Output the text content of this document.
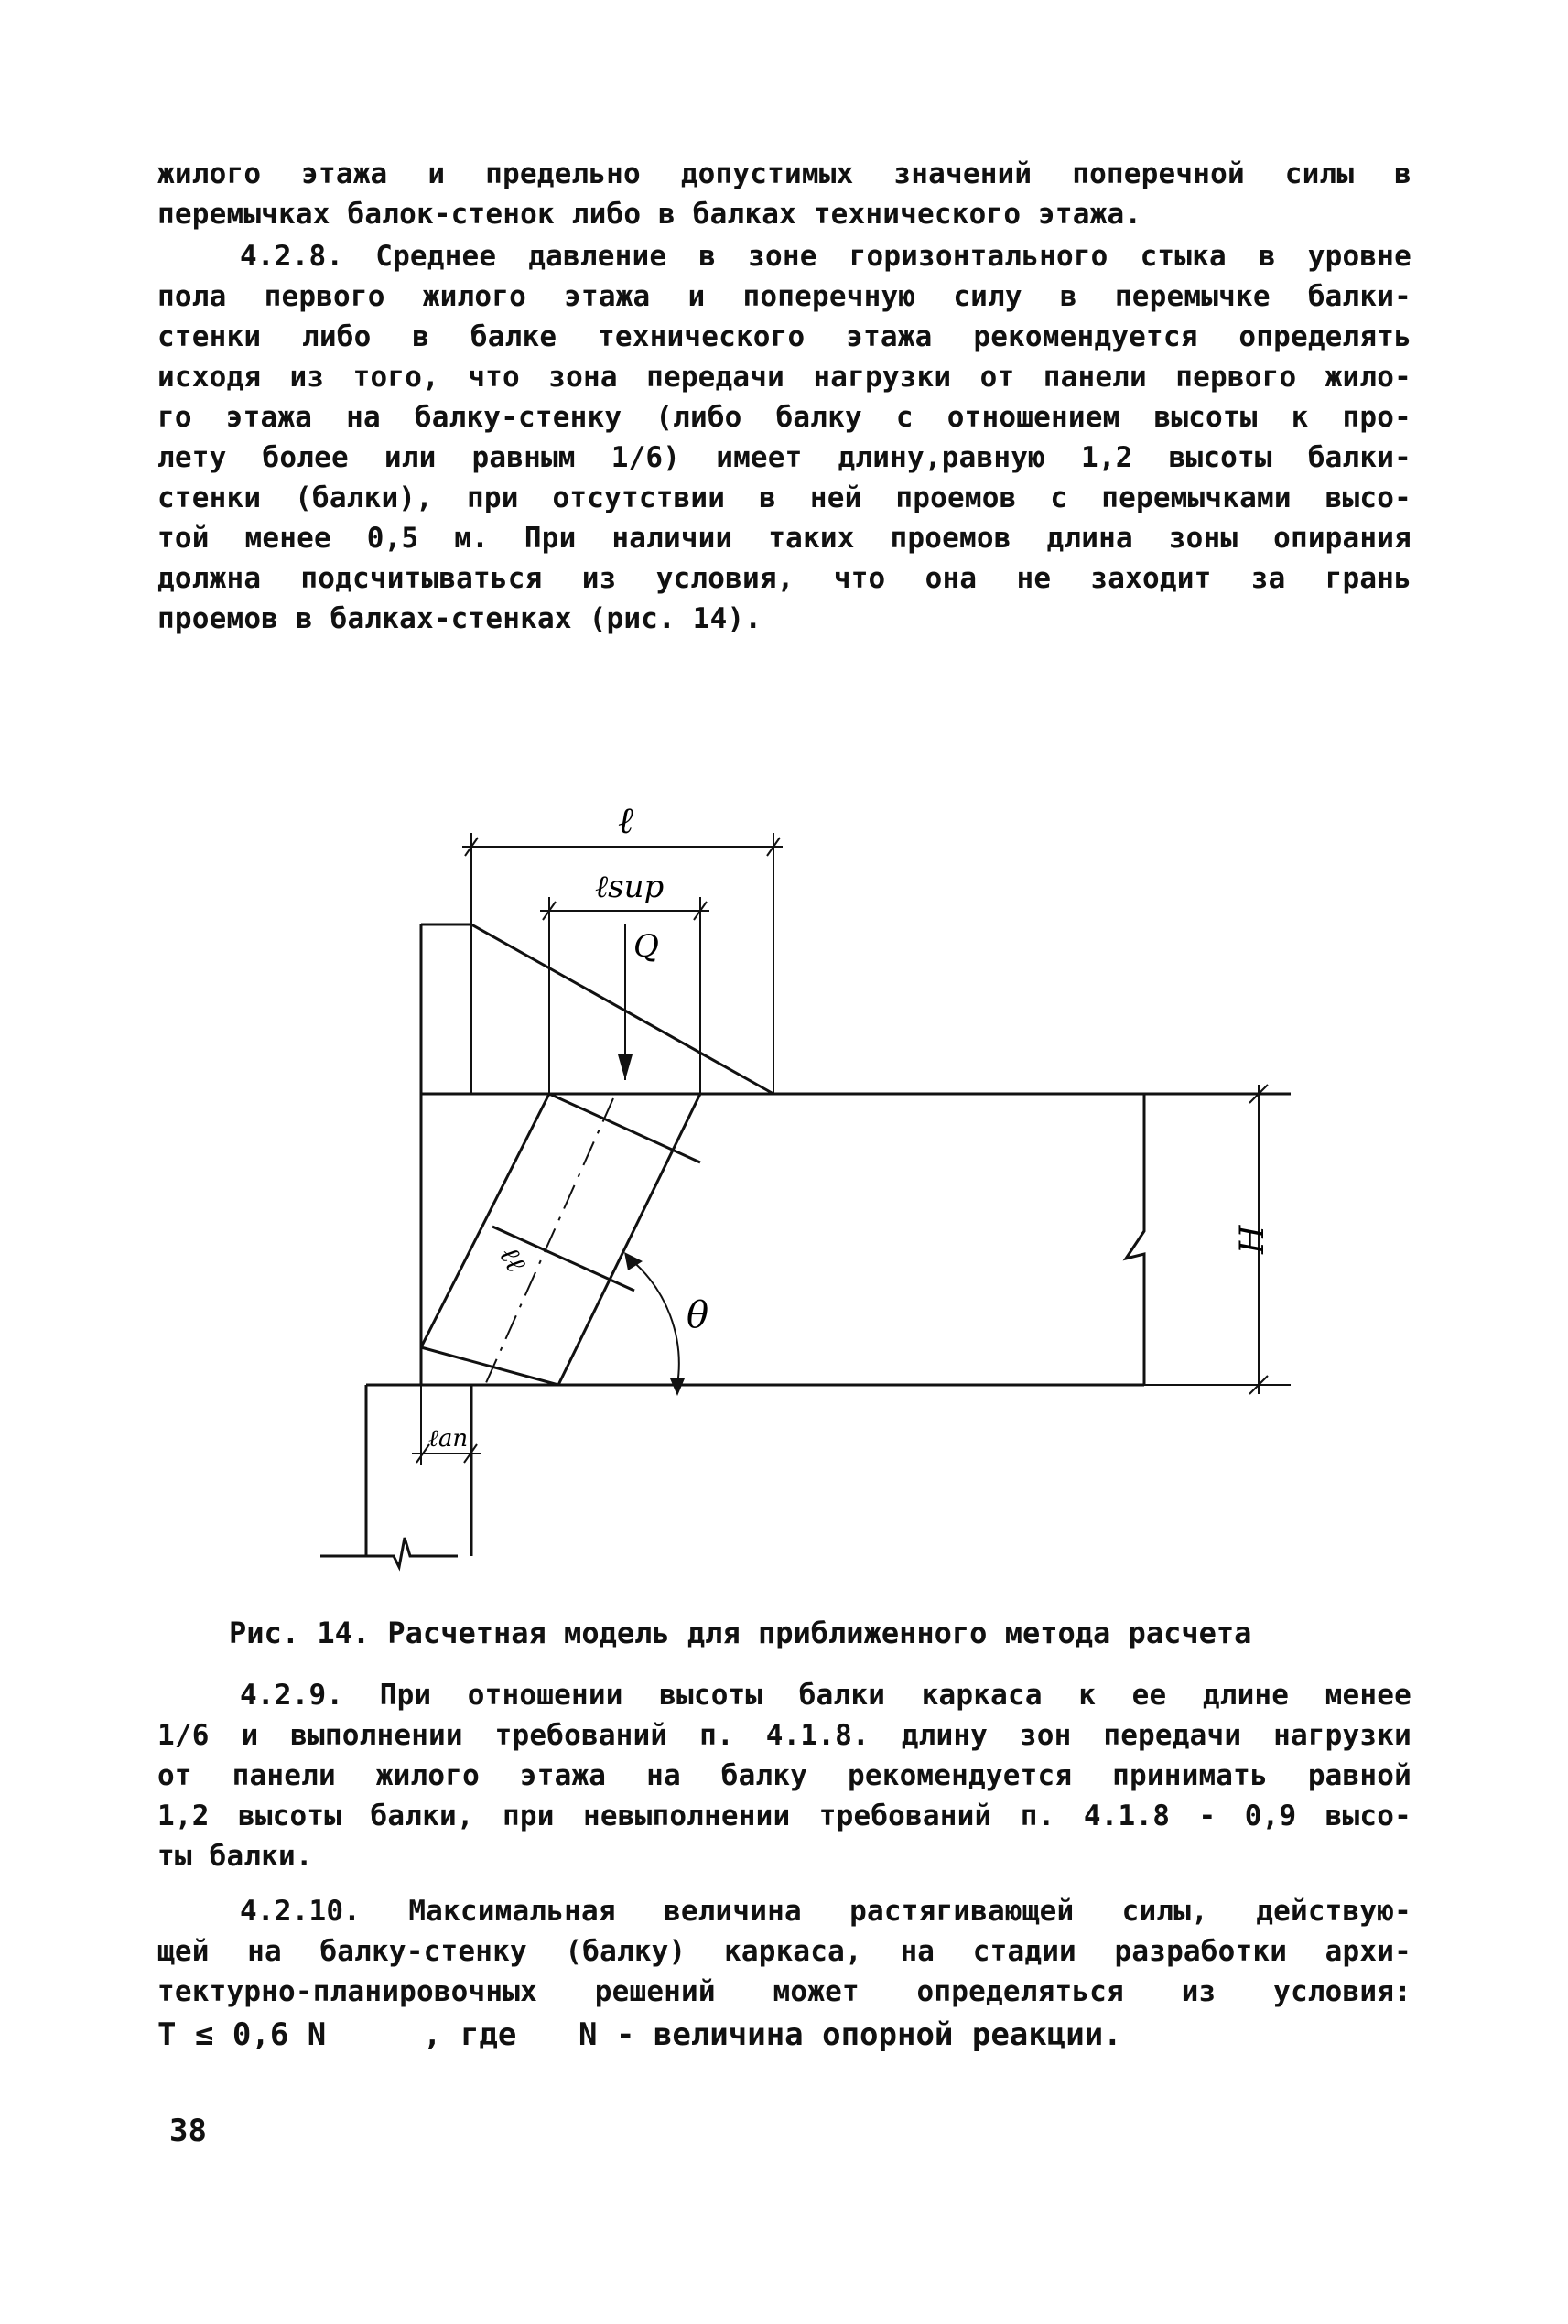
жилого этажа и предельно допустимых значений поперечной силы в
перемычках балок-стенок либо в балках технического этажа.
4.2.8. Среднее давление в зоне горизонтального стыка в уровне
пола первого жилого этажа и поперечную силу в перемычке балки-
стенки либо в балке технического этажа рекомендуется определять
исходя из того, что зона передачи нагрузки от панели первого жило-
го этажа на балку-стенку (либо балку с отношением высоты к про-
лету более или равным 1/6) имеет длину,равную 1,2 высоты балки-
стенки (балки), при отсутствии в ней проемов с перемычками высо-
той менее 0,5 м. При наличии таких проемов длина зоны опирания
должна подсчитываться из условия, что она не заходит за грань
проемов в балках-стенках (рис. 14).
ℓ
ℓsup
Q
H
θ
ℓℓ
ℓan
Рис. 14. Расчетная модель для приближенного метода расчета
4.2.9. При отношении высоты балки каркаса к ее длине менее
1/6 и выполнении требований п. 4.1.8. длину зон передачи нагрузки
от панели жилого этажа на балку рекомендуется принимать равной
1,2 высоты балки, при невыполнении требований п. 4.1.8 - 0,9 высо-
ты балки.
4.2.10. Максимальная величина растягивающей силы, действую-
щей на балку-стенку (балку) каркаса, на стадии разработки архи-
тектурно-планировочных решений может определяться из условия:
T ≤ 0,6 N	, где N - величина опорной реакции.
38
